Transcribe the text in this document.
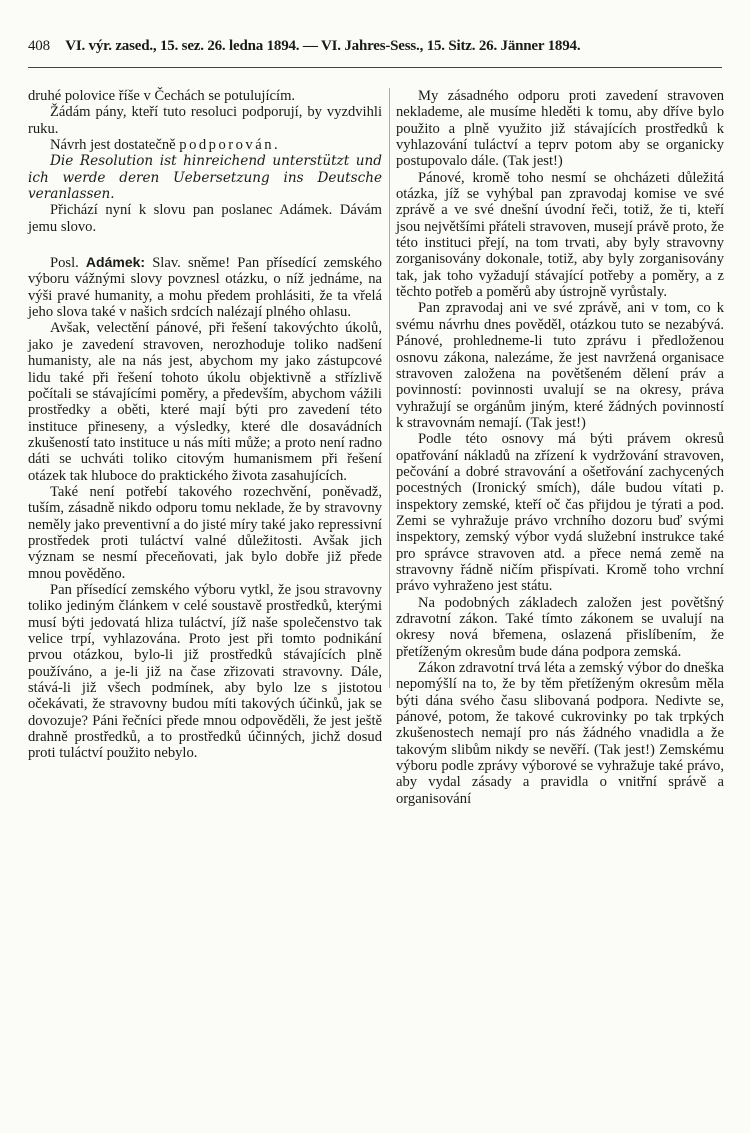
408 VI. výr. zased., 15. sez. 26. ledna 1894. — VI. Jahres-Sess., 15. Sitz. 26. Jänner 1894.

druhé polovice říše v Čechách se potulujícím.

Žádám pány, kteří tuto resoluci podporují, by vyzdvihli ruku.

Návrh jest dostatečně podporován.

Die Resolution ist hinreichend unterstützt und ich werde deren Uebersetzung ins Deutsche veranlassen.

Přichází nyní k slovu pan poslanec Adámek. Dávám jemu slovo.

Posl. Adámek: Slav. sněme! Pan přísedící zemského výboru vážnými slovy povznesl otázku, o níž jednáme, na výši pravé humanity, a mohu předem prohlásiti, že ta vřelá jeho slova také v našich srdcích nalézají plného ohlasu.

Avšak, velectění pánové, při řešení takovýchto úkolů, jako je zavedení stravoven, nerozhoduje toliko nadšení humanisty, ale na nás jest, abychom my jako zástupcové lidu také při řešení tohoto úkolu objektivně a střízlivě počítali se stávajícími poměry, a především, abychom vážili prostředky a oběti, které mají býti pro zavedení této instituce přineseny, a výsledky, které dle dosavádních zkušeností tato instituce u nás míti může; a proto není radno dáti se uchváti toliko citovým humanismem při řešení otázek tak hluboce do praktického života zasahujících.

Také není potřebí takového rozechvění, poněvadž, tuším, zásadně nikdo odporu tomu neklade, že by stravovny neměly jako preventivní a do jisté míry také jako repressivní prostředek proti tuláctví valné důležitosti. Avšak jich význam se nesmí přeceňovati, jak bylo dobře již přede mnou pověděno.

Pan přísedící zemského výboru vytkl, že jsou stravovny toliko jediným článkem v celé soustavě prostředků, kterými musí býti jedovatá hliza tuláctví, jíž naše společenstvo tak velice trpí, vyhlazována. Proto jest při tomto podnikání prvou otázkou, bylo-li již prostředků stávajících plně používáno, a je-li již na čase zřizovati stravovny. Dále, stává-li již všech podmínek, aby bylo lze s jistotou očekávati, že stravovny budou míti takových účinků, jak se dovozuje? Páni řečníci přede mnou odpověděli, že jest ještě drahně prostředků, a to prostředků účinných, jichž dosud proti tuláctví použito nebylo.

My zásadného odporu proti zavedení stravoven neklademe, ale musíme hleděti k tomu, aby dříve bylo použito a plně využito již stávajících prostředků k vyhlazování tuláctví a teprv potom aby se organicky postupovalo dále. (Tak jest!)

Pánové, kromě toho nesmí se ohcházeti důležitá otázka, jíž se vyhýbal pan zpravodaj komise ve své zprávě a ve své dnešní úvodní řeči, totiž, že ti, kteří jsou největšími přáteli stravoven, musejí právě proto, že této instituci přejí, na tom trvati, aby byly stravovny zorganisovány dokonale, totiž, aby byly zorganisovány tak, jak toho vyžadují stávající potřeby a poměry, a z těchto potřeb a poměrů aby ústrojně vyrůstaly.

Pan zpravodaj ani ve své zprávě, ani v tom, co k svému návrhu dnes pověděl, otázkou tuto se nezabývá. Pánové, prohledneme-li tuto zprávu i předloženou osnovu zákona, nalezáme, že jest navržená organisace stravoven založena na povětšeném dělení práv a povinností: povinnosti uvalují se na okresy, práva vyhražují se orgánům jiným, které žádných povinností k stravovnám nemají. (Tak jest!)

Podle této osnovy má býti právem okresů opatřování nákladů na zřízení k vydržování stravoven, pečování a dobré stravování a ošetřování zachycených pocestných (Ironický smích), dále budou vítati p. inspektory zemské, kteří oč čas přijdou je týrati a pod. Zemi se vyhražuje právo vrchního dozoru buď svými inspektory, zemský výbor vydá služební instrukce také pro správce stravoven atd. a přece nemá země na stravovny řádně ničím přispívati. Kromě toho vrchní právo vyhraženo jest státu.

Na podobných základech založen jest povětšný zdravotní zákon. Také tímto zákonem se uvalují na okresy nová břemena, oslazená přislíbením, že přetíženým okresům bude dána podpora zemská.

Zákon zdravotní trvá léta a zemský výbor do dneška nepomýšlí na to, že by těm přetíženým okresům měla býti dána svého času slibovaná podpora. Nedivte se, pánové, potom, že takové cukrovinky po tak trpkých zkušenostech nemají pro nás žádného vnadidla a že takovým slibům nikdy se nevěří. (Tak jest!) Zemskému výboru podle zprávy výborové se vyhražuje také právo, aby vydal zásady a pravidla o vnitřní správě a organisování
